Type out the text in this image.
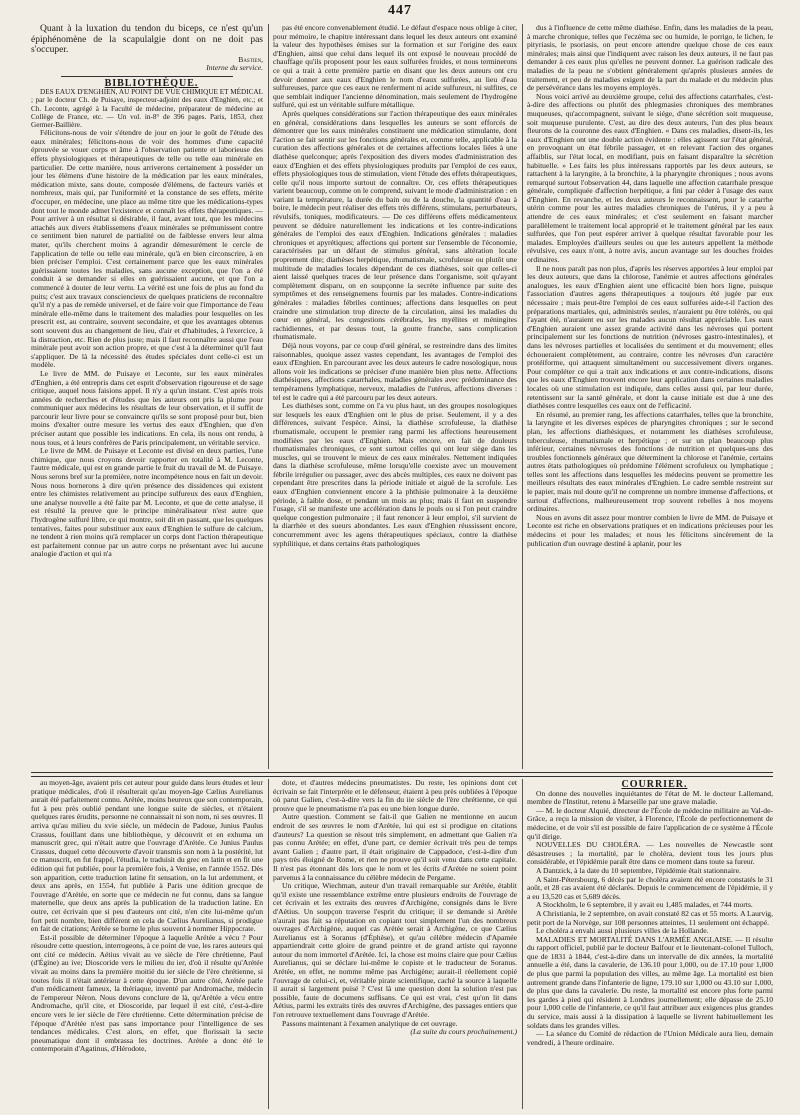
447

Quant à la luxation du tendon du biceps, ce n'est qu'un épiphénomène de la scapulalgie dont on ne doit pas s'occuper.

Bastien,

Interne du service.

BIBLIOTHÈQUE.

DES EAUX D'ENGHIEN, AU POINT DE VUE CHIMIQUE ET MÉDICAL ; par le docteur Ch. de Puisaye, inspecteur-adjoint des eaux d'Enghien, etc.; et Ch. Leconte, agrégé à la Faculté de médecine, préparateur de médecine au Collège de France, etc. — Un vol. in-8° de 396 pages. Paris, 1853, chez Germer-Baillière.

Félicitons-nous de voir s'étendre de jour en jour le goût de l'étude des eaux minérales; félicitons-nous de voir des hommes d'une capacité éprouvée se vouer corps et âme à l'observation patiente et laborieuse des effets physiologiques et thérapeutiques de telle ou telle eau minérale en particulier. De cette manière, nous arriverons certainement à posséder un jour les élémens d'une histoire de la médication par les eaux minérales, médication mixte, sans doute, composée d'élémens, de facteurs variés et nombreux, mais qui, par l'uniformité et la constance de ses effets, mérite d'occuper, en médecine, une place au même titre que les médications-types dont tout le monde admet l'existence et connaît les effets thérapeutiques. — Pour arriver à un résultat si désirable, il faut, avant tout, que les médecins attachés aux divers établissemens d'eaux minérales se prémunissent contre ce sentiment bien naturel de partialité ou de faiblesse envers leur alma mater, qu'ils cherchent moins à agrandir démesurément le cercle de l'application de telle ou telle eau minérale, qu'à en bien circonscrire, à en bien préciser l'emploi. C'est certainement parce que les eaux minérales guérissaient toutes les maladies, sans aucune exception, que l'on a été conduit à se demander si elles en guérissaient aucune, et que l'on a commencé à douter de leur vertu. La vérité est une fois de plus au fond du puits; c'est aux travaux consciencieux de quelques praticiens de reconnaître qu'il n'y a pas de remède universel, et de faire voir que l'importance de l'eau minérale elle-même dans le traitement des maladies pour lesquelles on les prescrit est, au contraire, souvent secondaire, et que les avantages obtenus sont souvent dus au changement de lieu, d'air et d'habitudes, à l'exercice, à la distraction, etc. Rien de plus juste; mais il faut reconnaître aussi que l'eau minérale peut avoir son action propre, et que c'est à la déterminer qu'il faut s'appliquer. De là la nécessité des études spéciales dont celle-ci est un modèle.

Le livre de MM. de Puisaye et Leconte, sur les eaux minérales d'Enghien, a été entrepris dans cet esprit d'observation rigoureuse et de sage critique, auquel nous faisions appel. Il n'y a qu'un instant. C'est après trois années de recherches et d'études que les auteurs ont pris la plume pour communiquer aux médecins les résultats de leur observation, et il suffit de parcourir leur livre pour se convaincre qu'ils se sont proposé pour but, bien moins d'exalter outre mesure les vertus des eaux d'Enghien, que d'en préciser autant que possible les indications. En cela, ils nous ont rendu, à nous tous, et à leurs confrères de Paris principalement, un véritable service.

Le livre de MM. de Puisaye et Leconte est divisé en deux parties, l'une chimique, que nous croyons devoir rapporter en totalité à M. Leconte, l'autre médicale, qui est en grande partie le fruit du travail de M. de Puisaye. Nous serons bref sur la première, notre incompétence nous en fait un devoir. Nous nous bornerons à dire qu'en présence des dissidences qui existent entre les chimistes relativement au principe sulfureux des eaux d'Enghien, une analyse nouvelle a été faite par M. Leconte, et que de cette analyse, il est résulté la preuve que le principe minéralisateur n'est autre que l'hydrogène sulfuré libre, ce qui montre, soit dit en passant, que les quelques tentatives, faites pour substituer aux eaux d'Enghien le sulfure de calcium, ne tendent à rien moins qu'à remplacer un corps dont l'action thérapeutique est parfaitement connue par un autre corps ne présentant avec lui aucune analogie d'action et qui n'a

pas été encore convenablement étudié. Le défaut d'espace nous oblige à citer, pour mémoire, le chapitre intéressant dans lequel les deux auteurs ont examiné la valeur des hypothèses émises sur la formation et sur l'origine des eaux d'Enghien, ainsi que celui dans lequel ils ont exposé le nouveau procédé de chauffage qu'ils proposent pour les eaux sulfurées froides, et nous terminerons ce qui a trait à cette première partie en disant que les deux auteurs ont cru devoir donner aux eaux d'Enghien le nom d'eaux sulfurées, au lieu d'eau sulfureuses, parce que ces eaux ne renferment ni acide sulfureux, ni sulfites, ce que semblait indiquer l'ancienne dénomination, mais seulement de l'hydrogène sulfuré, qui est un véritable sulfure métallique.

Après quelques considérations sur l'action thérapeutique des eaux minérales en général, considérations dans lesquelles les auteurs se sont efforcés de démontrer que les eaux minérales constituent une médication stimulante, dont l'action se fait sentir sur les fonctions générales et, comme telle, applicable à la curation des affections générales et de certaines affections locales liées à une diathèse quelconque; après l'exposition des divers modes d'administration des eaux d'Enghien et des effets physiologiques produits par l'emploi de ces eaux, effets physiologiques tous de stimulation, vient l'étude des effets thérapeutiques, celle qu'il nous importe surtout de connaître. Or, ces effets thérapeutiques varient beaucoup, comme on le comprend, suivant le mode d'administration : en variant la température, la durée du bain ou de la douche, la quantité d'eau à boire, le médecin peut réaliser des effets très différens, stimulans, perturbateurs, révulsifs, toniques, modificateurs. — De ces différens effets médicamenteux peuvent se déduire naturellement les indications et les contre-indications générales de l'emploi des eaux d'Enghien. Indications générales : maladies chroniques et apyrétiques; affections qui portent sur l'ensemble de l'économie, caractérisées par un défaut de stimulus général, sans altération locale proprement dite; diathèses herpétique, rhumatismale, scrofuleuse ou plutôt une multitude de maladies locales dépendant de ces diathèses, soit que celles-ci aient laissé quelques traces de leur présence dans l'organisme, soit qu'ayant complètement disparu, on en soupçonne la secrète influence par suite des symptômes et des renseignemens fournis par les malades. Contre-indications générales : maladies fébriles continues; affections dans lesquelles on peut craindre une stimulation trop directe de la circulation, ainsi les maladies du cœur en général, les congestions cérébrales, les myélites et méningites rachidiennes, et par dessus tout, la goutte franche, sans complication rhumatismale.

Déjà nous voyons, par ce coup d'œil général, se restreindre dans des limites raisonnables, quoique assez vastes cependant, les avantages de l'emploi des eaux d'Enghien. En parcourant avec les deux auteurs le cadre nosologique, nous allons voir les indications se préciser d'une manière bien plus nette. Affections diathésiques, affections catarrhales, maladies générales avec prédominance des tempéramens lymphatique, nerveux, maladies de l'utérus, affections diverses : tel est le cadre qui a été parcouru par les deux auteurs.

Les diathèses sont, comme on l'a vu plus haut, un des groupes nosologiques sur lesquels les eaux d'Enghien ont le plus de prise. Seulement, il y a des différences, suivant l'espèce. Ainsi, la diathèse scrofuleuse, la diathèse rhumatismale, occupent le premier rang parmi les affections heureusement modifiées par les eaux d'Enghien. Mais encore, en fait de douleurs rhumatismales chroniques, ce sont surtout celles qui ont leur siège dans les muscles, qui se trouvent le mieux de ces eaux minérales. Nettement indiquées dans la diathèse scrofuleuse, même lorsqu'elle coexiste avec un mouvement fébrile irrégulier ou passager, avec des abcès multiples, ces eaux ne doivent pas cependant être prescrites dans la période initiale et aiguë de la scrofule. Les eaux d'Enghien conviennent encore à la phthisie pulmonaire à la deuxième période, à faible dose, et pendant un mois au plus; mais il faut en suspendre l'usage, s'il se manifeste une accélération dans le pouls ou si l'on peut craindre quelque congestion pulmonaire ; il faut renoncer à leur emploi, s'il survient de la diarrhée et des sueurs abondantes. Les eaux d'Enghien réussissent encore, concurremment avec les agens thérapeutiques spéciaux, contre la diathèse syphilitique, et dans certains états pathologiques

dus à l'influence de cette même diathèse. Enfin, dans les maladies de la peau, à marche chronique, telles que l'eczéma sec ou humide, le porrigo, le lichen, le pityriasis, le psoriasis, on peut encore attendre quelque chose de ces eaux minérales; mais ainsi que l'indiquent avec raison les deux auteurs, il ne faut pas demander à ces eaux plus qu'elles ne peuvent donner. La guérison radicale des maladies de la peau ne s'obtient généralement qu'après plusieurs années de traitement, et peu de maladies exigent de la part du malade et du médecin plus de persévérance dans les moyens employés.

Nous voici arrivé au deuxième groupe, celui des affections catarrhales, c'est-à-dire des affections ou plutôt des phlegmasies chroniques des membranes muqueuses, qu'accompagnent, suivant le siége, d'une sécrétion soit muqueuse, soit muqueuse purulente. C'est, au dire des deux auteurs, l'un des plus beaux fleurons de la couronne des eaux d'Enghien. « Dans ces maladies, disent-ils, les eaux d'Enghien ont une double action évidente : elles agissent sur l'état général, en provoquant un état fébrile passager, et en relevant l'action des organes affaiblis, sur l'état local, en modifiant, puis en faisant disparaître la sécrétion habituelle. » Les faits les plus intéressans rapportés par les deux auteurs, se rattachent à la laryngite, à la bronchite, à la pharyngite chroniques ; nous avons remarqué surtout l'observation 44, dans laquelle une affection catarrhale presque générale, compliquée d'affection herpétique, a fini par céder à l'usage des eaux d'Enghien. En revanche, et les deux auteurs le reconnaissent, pour le catarrhe utérin comme pour les autres maladies chroniques de l'utérus, il y a peu à attendre de ces eaux minérales; et c'est seulement en faisant marcher parallèlement le traitement local approprié et le traitement général par les eaux sulfurées, que l'on peut espérer arriver à quelque résultat favorable pour les malades. Employées d'ailleurs seules ou que les auteurs appellent la méthode révulsive, ces eaux n'ont, à notre avis, aucun avantage sur les douches froides ordinaires.

Il ne nous paraît pas non plus, d'après les réserves apportées à leur emploi par les deux auteurs, que dans la chlorose, l'anémie et autres affections générales analogues, les eaux d'Enghien aient une efficacité bien hors ligne, puisque l'association d'autres agens thérapeutiques a toujours été jugée par eux nécessaire ; mais peut-être l'emploi de ces eaux sulfurées aide-t-il l'action des préparations martiales, qui, administrés seules, n'auraient pu être tolérés, ou qui l'ayant été, n'auraient eu sur les malades aucun résultat appréciable. Les eaux d'Enghien auraient une assez grande activité dans les névroses qui portent principalement sur les fonctions de nutrition (névroses gastro-intestinales), et dans les névroses partielles et localisées du sentiment et du mouvement; elles échoueraient complètement, au contraire, contre les névroses d'un caractère protéiforme, qui attaquent simultanément ou successivement divers organes. Pour compléter ce qui a trait aux indications et aux contre-indications, disons que les eaux d'Enghien trouvent encore leur application dans certaines maladies locales où une stimulation est indiquée, dans celles aussi qui, par leur durée, retentissent sur la santé générale, et dont la cause initiale est due à une des diathèses contre lesquelles ces eaux ont de l'efficacité.

En résumé, au premier rang, les affections catarrhales, telles que la bronchite, la laryngite et les diverses espèces de pharyngites chroniques ; sur le second plan, les affections diathésiques, et notamment les diathèses scrofuleuse, tuberculeuse, rhumatismale et herpétique ; et sur un plan beaucoup plus inférieur, certaines névroses des fonctions de nutrition et quelques-uns des troubles fonctionnels généraux que déterminent la chlorose et l'anémie, certains autres états pathologiques où prédomine l'élément scrofuleux ou lymphatique ; telles sont les affections dans lesquelles les médecins peuvent se promettre les meilleurs résultats des eaux minérales d'Enghien. Le cadre semble restreint sur le papier, mais nul doute qu'il ne comprenne un nombre immense d'affections, et surtout d'affections, malheureusement trop souvent rebelles à nos moyens ordinaires.

Nous en avons dit assez pour montrer combien le livre de MM. de Puisaye et Leconte est riche en observations pratiques et en indications précieuses pour les médecins et pour les malades; et nous les félicitons sincèrement de la publication d'un ouvrage destiné à aplanir, pour les

au moyen-âge, avaient pris cet auteur pour guide dans leurs études et leur pratique médicales, d'où il résulterait qu'au moyen-âge Cælius Aurelianus aurait été parfaitement connu. Arétée, moins heureux que son contemporain, fut à peu près oublié pendant une longue suite de siècles, et n'étaient quelques rares érudits, personne ne connaissait ni son nom, ni ses œuvres. Il arriva qu'au milieu du xvie siècle, un médecin de Padoue, Junius Paulus Crassus, fouillant dans une bibliothèque, y découvrit et en exhuma un manuscrit grec, qui n'était autre que l'ouvrage d'Arétée. Ce Junius Paulus Crassus, duquel cette découverte d'avoir transmis son nom à la postérité, lut ce manuscrit, en fut frappé, l'étudia, le traduisit du grec en latin et en fit une édition qui fut publiée, pour la première fois, à Venise, en l'année 1552. Dès son apparition, cette traduction latine fit sensation, on la lut ardemment, et deux ans après, en 1554, fut publiée à Paris une édition grecque de l'ouvrage d'Arétée, en sorte que ce médecin ne fut connu, dans sa langue maternelle, que deux ans après la publication de la traduction latine. En outre, cet écrivain que si peu d'auteurs ont cité, n'en cite lui-même qu'un fort petit nombre, bien différent en cela de Cælius Aurelianus, si prodigue en fait de citations; Arétée se borne le plus souvent à nommer Hippocrate.

Est-il possible de déterminer l'époque à laquelle Arétée a vécu ? Pour résoudre cette question, interrogeons, à ce point de vue, les rares auteurs qui ont cité ce médecin. Aétius vivait au ve siècle de l'ère chrétienne, Paul (d'Égine) au ive; Dioscoride vers le milieu du ier, d'où il résulte qu'Arétée vivait au moins dans la première moitié du ier siècle de l'ère chrétienne, si toutes fois il n'était antérieur à cette époque. D'un autre côté, Arétée parle d'un médicament fameux, la thériaque, inventé par Andromache, médecin de l'empereur Néron. Nous devons conclure de là, qu'Arétée a vécu entre Andromache, qu'il cite, et Dioscoride, par lequel il est cité, c'est-à-dire encore vers le ier siècle de l'ère chrétienne. Cette détermination précise de l'époque d'Arétée n'est pas sans importance pour l'intelligence de ses tendances médicales. C'est alors, en effet, que florissait la secte pneumatique dont il embrassa les doctrines. Arétée a donc été le contemporain d'Agatinus, d'Hérodote,

dote, et d'autres médecins pneumatistes. Du reste, les opinions dont cet écrivain se fait l'interprète et le défenseur, étaient à peu près oubliées à l'époque où parut Galien, c'est-à-dire vers la fin du iie siècle de l'ère chrétienne, ce qui prouve que le pneumatisme n'a pas eu une bien longue durée.

Autre question. Comment se fait-il que Galien ne mentionne en aucun endroit de ses œuvres le nom d'Arétée, lui qui est si prodigue en citations d'auteurs? La question se résout très simplement, en admettant que Galien n'a pas connu Arétée; en effet, d'une part, ce dernier écrivait très peu de temps avant Galien ; d'autre part, il était originaire de Cappadoce, c'est-à-dire d'un pays très éloigné de Rome, et rien ne prouve qu'il soit venu dans cette capitale. Il n'est pas étonnant dès lors que le nom et les écrits d'Arétée ne soient point parvenus à la connaissance du célèbre médecin de Pergame.

Un critique, Wiechman, auteur d'un travail remarquable sur Arétée, établit qu'il existe une ressemblance extrême entre plusieurs endroits de l'ouvrage de cet écrivain et les extraits des œuvres d'Archigène, consignés dans le livre d'Aétius. Un soupçon traverse l'esprit du critique; il se demande si Arétée n'aurait pas fait sa réputation en copiant tout simplement l'un des nombreux ouvrages d'Archigène, auquel cas Arétée serait à Archigène, ce que Cælius Aurelianus est à Soranus (d'Éphèse), et qu'au célèbre médecin d'Apamée appartiendrait cette gloire de grand peintre et de grand artiste qui rayonne autour du nom immortel d'Arétée. Ici, la chose est moins claire que pour Cælius Aurelianus, qui se déclare lui-même le copiste et le traducteur de Soranus. Arétée, en effet, ne nomme même pas Archigène; aurait-il réellement copié l'ouvrage de celui-ci, et, véritable pirate scientifique, caché la source à laquelle il aurait si largement puisé ? C'est là une question dont la solution n'est pas possible, faute de documens suffisans. Ce qui est vrai, c'est qu'on lit dans Aétius, parmi les extraits tirés des œuvres d'Archigène, des passages entiers que l'on retrouve textuellement dans l'ouvrage d'Arétée.

Passons maintenant à l'examen analytique de cet ouvrage.

(La suite du cours prochainement.)

COURRIER.

On donne des nouvelles inquiétantes de l'état de M. le docteur Lallemand, membre de l'Institut, retenu à Marseille par une grave maladie.

— M. le docteur Alquié, directeur de l'École de médecine militaire au Val-de-Grâce, a reçu la mission de visiter, à Florence, l'École de perfectionnement de médecine, et de voir s'il est possible de faire l'application de ce système à l'École qu'il dirige.

NOUVELLES DU CHOLÉRA. — Les nouvelles de Newcastle sont désastreuses ; la mortalité, par le choléra, devient tous les jours plus considérable, et l'épidémie paraît être dans ce moment dans toute sa fureur.

A Dantzick, à la date du 10 septembre, l'épidémie était stationnaire.

A Saint-Pétersbourg, 6 décès par le choléra avaient été encore constatés le 31 août, et 28 cas avaient été déclarés. Depuis le commencement de l'épidémie, il y a eu 13,520 cas et 5,689 décès.

A Stockholm, le 6 septembre, il y avait eu 1,485 malades, et 744 morts.

A Christiania, le 2 septembre, on avait constaté 82 cas et 55 morts. A Laurvig, petit port de la Norvège, sur 108 personnes atteintes, 11 seulement ont échappé.

Le choléra a envahi aussi plusieurs villes de la Hollande.

MALADIES ET MORTALITÉ DANS L'ARMÉE ANGLAISE. — Il résulte du rapport officiel, publié par le docteur Balfour et le lieutenant-colonel Tulloch, que de 1831 à 1844, c'est-à-dire dans un intervalle de dix années, la mortalité annuelle a été, dans la cavalerie, de 136.10 pour 1,000, ou de 17.10 pour 1,000 de plus que parmi la population des villes, au même âge. La mortalité est bien autrement grande dans l'infanterie de ligne, 179.10 sur 1,000 ou 43.10 sur 1,000, de plus que dans la cavalerie. Du reste, la mortalité est encore plus forte parmi les gardes à pied qui résident à Londres journellement; elle dépasse de 25.10 pour 1,000 celle de l'infanterie, ce qu'il faut attribuer aux exigences plus grandes du service, mais aussi à la dissipation à laquelle se livrent habituellement les soldats dans les grandes villes.

— La séance du Comité de rédaction de l'Union Médicale aura lieu, demain vendredi, à l'heure ordinaire.
